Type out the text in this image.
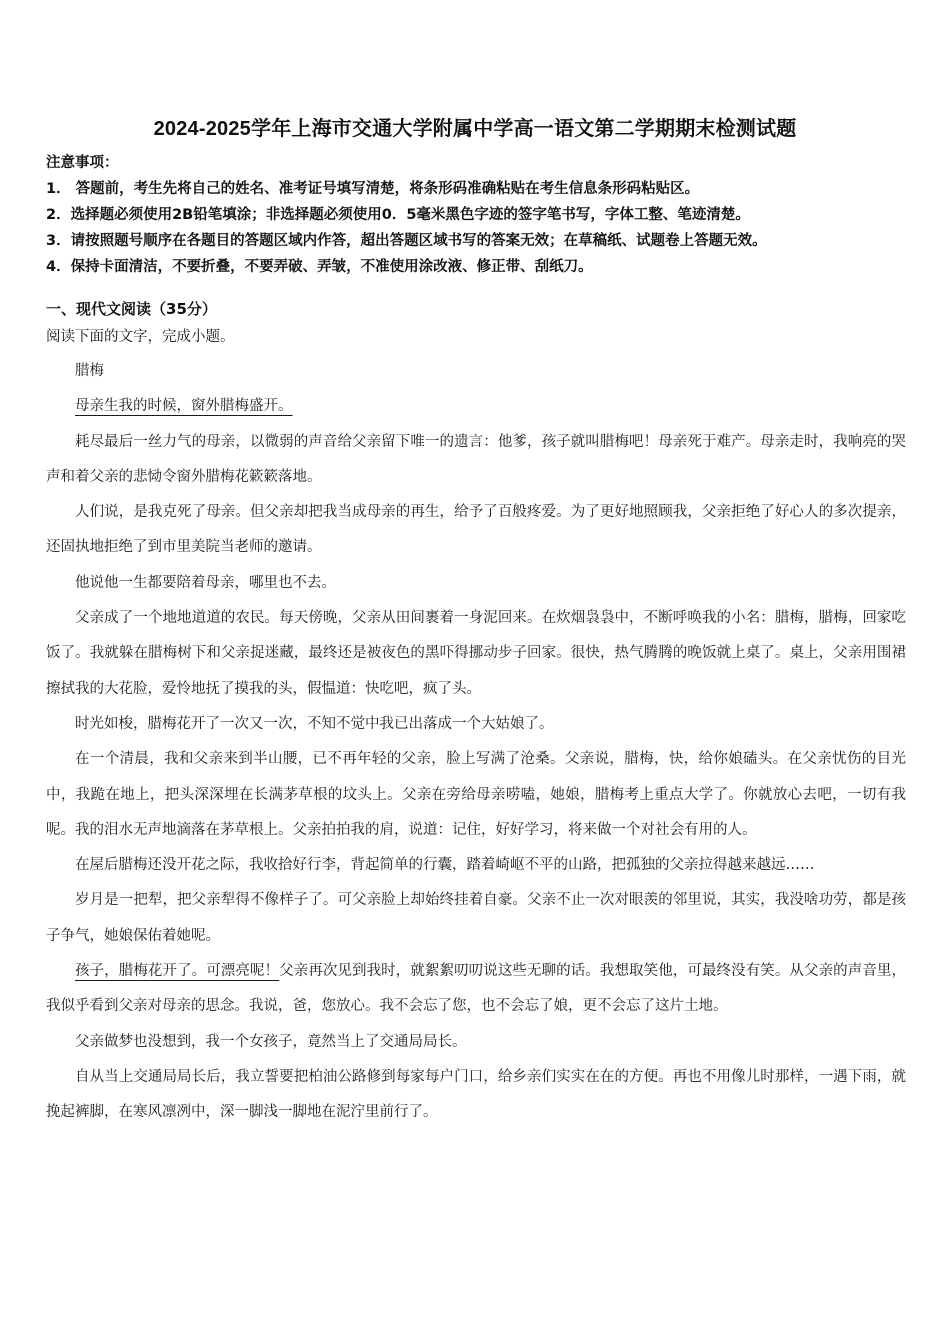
2024-2025学年上海市交通大学附属中学高一语文第二学期期末检测试题
注意事项：
1． 答题前，考生先将自己的姓名、准考证号填写清楚，将条形码准确粘贴在考生信息条形码粘贴区。
2．选择题必须使用2B铅笔填涂；非选择题必须使用0．5毫米黑色字迹的签字笔书写，字体工整、笔迹清楚。
3．请按照题号顺序在各题目的答题区域内作答，超出答题区域书写的答案无效；在草稿纸、试题卷上答题无效。
4．保持卡面清洁，不要折叠，不要弄破、弄皱，不准使用涂改液、修正带、刮纸刀。
一、现代文阅读（35分）
阅读下面的文字，完成小题。

腊梅

母亲生我的时候，窗外腊梅盛开。

耗尽最后一丝力气的母亲，以微弱的声音给父亲留下唯一的遗言：他爹，孩子就叫腊梅吧！母亲死于难产。母亲走时，我响亮的哭声和着父亲的悲恸令窗外腊梅花簌簌落地。

人们说，是我克死了母亲。但父亲却把我当成母亲的再生，给予了百般疼爱。为了更好地照顾我，父亲拒绝了好心人的多次提亲，还固执地拒绝了到市里美院当老师的邀请。

他说他一生都要陪着母亲，哪里也不去。

父亲成了一个地地道道的农民。每天傍晚，父亲从田间裹着一身泥回来。在炊烟袅袅中，不断呼唤我的小名：腊梅，腊梅，回家吃饭了。我就躲在腊梅树下和父亲捉迷藏，最终还是被夜色的黑吓得挪动步子回家。很快，热气腾腾的晚饭就上桌了。桌上，父亲用围裙擦拭我的大花脸，爱怜地抚了摸我的头，假愠道：快吃吧，疯了头。

时光如梭，腊梅花开了一次又一次，不知不觉中我已出落成一个大姑娘了。

在一个清晨，我和父亲来到半山腰，已不再年轻的父亲，脸上写满了沧桑。父亲说，腊梅，快，给你娘磕头。在父亲忧伤的目光中，我跪在地上，把头深深埋在长满茅草根的坟头上。父亲在旁给母亲唠嗑，她娘，腊梅考上重点大学了。你就放心去吧，一切有我呢。我的泪水无声地滴落在茅草根上。父亲拍拍我的肩，说道：记住，好好学习，将来做一个对社会有用的人。

在屋后腊梅还没开花之际，我收拾好行李，背起简单的行囊，踏着崎岖不平的山路，把孤独的父亲拉得越来越远……

岁月是一把犁，把父亲犁得不像样子了。可父亲脸上却始终挂着自豪。父亲不止一次对眼羡的邻里说，其实，我没啥功劳，都是孩子争气，她娘保佑着她呢。

孩子，腊梅花开了。可漂亮呢！父亲再次见到我时，就絮絮叨叨说这些无聊的话。我想取笑他，可最终没有笑。从父亲的声音里，我似乎看到父亲对母亲的思念。我说，爸，您放心。我不会忘了您，也不会忘了娘，更不会忘了这片土地。

父亲做梦也没想到，我一个女孩子，竟然当上了交通局局长。

自从当上交通局局长后，我立誓要把柏油公路修到每家每户门口，给乡亲们实实在在的方便。再也不用像儿时那样，一遇下雨，就挽起裤脚，在寒风凛冽中，深一脚浅一脚地在泥泞里前行了。
